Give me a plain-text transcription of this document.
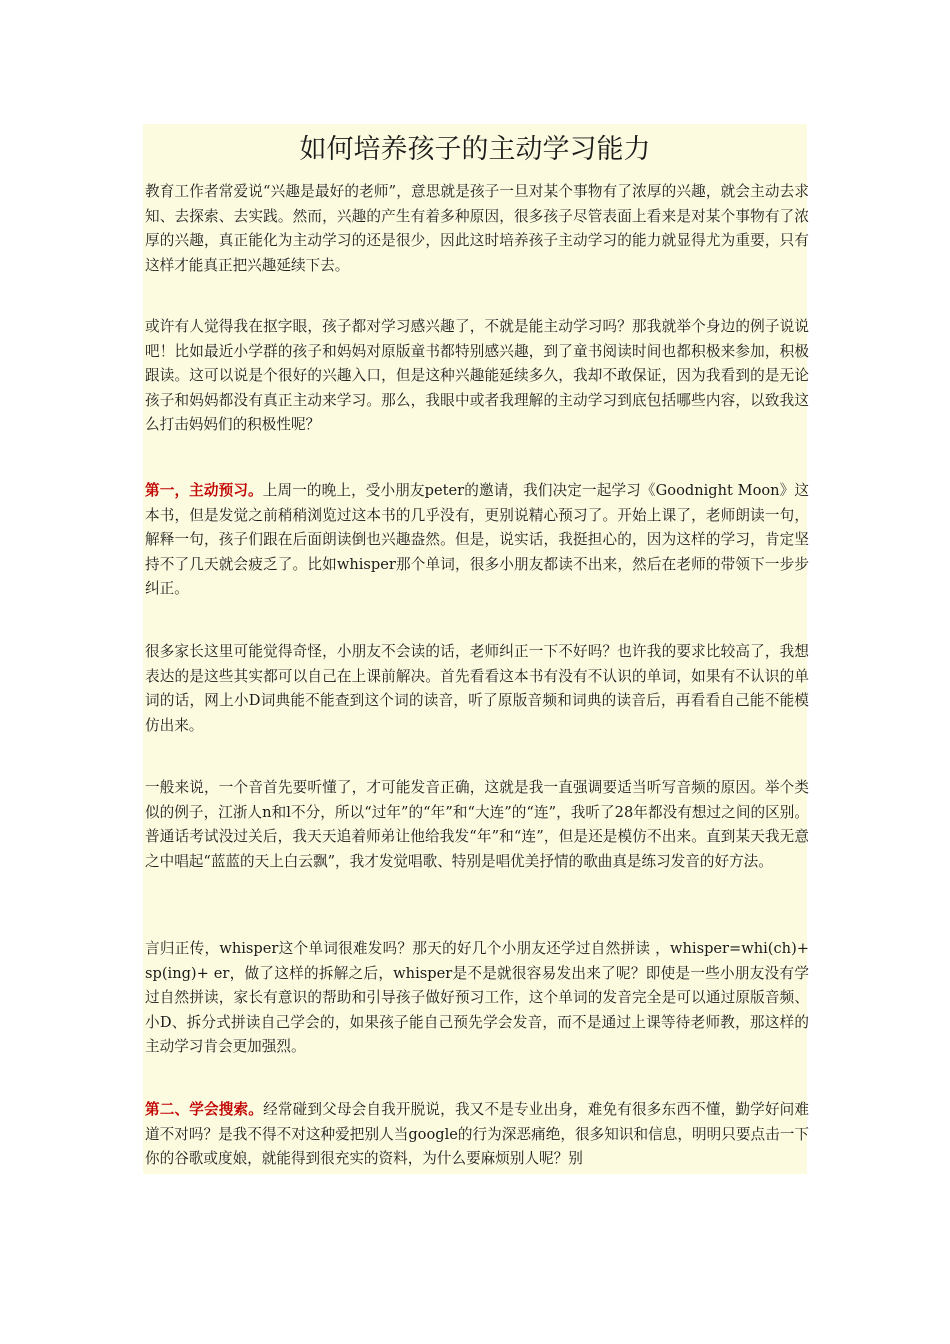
如何培养孩子的主动学习能力

教育工作者常爱说“兴趣是最好的老师”，意思就是孩子一旦对某个事物有了浓厚的兴趣，就会主动去求知、去探索、去实践。然而，兴趣的产生有着多种原因，很多孩子尽管表面上看来是对某个事物有了浓厚的兴趣，真正能化为主动学习的还是很少，因此这时培养孩子主动学习的能力就显得尤为重要，只有这样才能真正把兴趣延续下去。

或许有人觉得我在抠字眼，孩子都对学习感兴趣了，不就是能主动学习吗？那我就举个身边的例子说说吧！比如最近小学群的孩子和妈妈对原版童书都特别感兴趣，到了童书阅读时间也都积极来参加，积极跟读。这可以说是个很好的兴趣入口，但是这种兴趣能延续多久，我却不敢保证，因为我看到的是无论孩子和妈妈都没有真正主动来学习。那么，我眼中或者我理解的主动学习到底包括哪些内容，以致我这么打击妈妈们的积极性呢？

第一，主动预习。上周一的晚上，受小朋友peter的邀请，我们决定一起学习《Goodnight Moon》这本书，但是发觉之前稍稍浏览过这本书的几乎没有，更别说精心预习了。开始上课了，老师朗读一句，解释一句，孩子们跟在后面朗读倒也兴趣盎然。但是，说实话，我挺担心的，因为这样的学习，肯定坚持不了几天就会疲乏了。比如whisper那个单词，很多小朋友都读不出来，然后在老师的带领下一步步纠正。

很多家长这里可能觉得奇怪，小朋友不会读的话，老师纠正一下不好吗？也许我的要求比较高了，我想表达的是这些其实都可以自己在上课前解决。首先看看这本书有没有不认识的单词，如果有不认识的单词的话，网上小D词典能不能查到这个词的读音，听了原版音频和词典的读音后，再看看自己能不能模仿出来。

一般来说，一个音首先要听懂了，才可能发音正确，这就是我一直强调要适当听写音频的原因。举个类似的例子，江浙人n和l不分，所以“过年”的“年”和“大连”的“连”，我听了28年都没有想过之间的区别。普通话考试没过关后，我天天追着师弟让他给我发“年”和“连”，但是还是模仿不出来。直到某天我无意之中唱起“蓝蓝的天上白云飘”，我才发觉唱歌、特别是唱优美抒情的歌曲真是练习发音的好方法。

言归正传，whisper这个单词很难发吗？那天的好几个小朋友还学过自然拼读 ，whisper=whi(ch)+ sp(ing)+ er，做了这样的拆解之后，whisper是不是就很容易发出来了呢？即使是一些小朋友没有学过自然拼读，家长有意识的帮助和引导孩子做好预习工作，这个单词的发音完全是可以通过原版音频、小D、拆分式拼读自己学会的，如果孩子能自己预先学会发音，而不是通过上课等待老师教，那这样的主动学习肯会更加强烈。

第二、学会搜索。经常碰到父母会自我开脱说，我又不是专业出身，难免有很多东西不懂，勤学好问难道不对吗？是我不得不对这种爱把别人当google的行为深恶痛绝，很多知识和信息，明明只要点击一下你的谷歌或度娘，就能得到很充实的资料，为什么要麻烦别人呢？别
